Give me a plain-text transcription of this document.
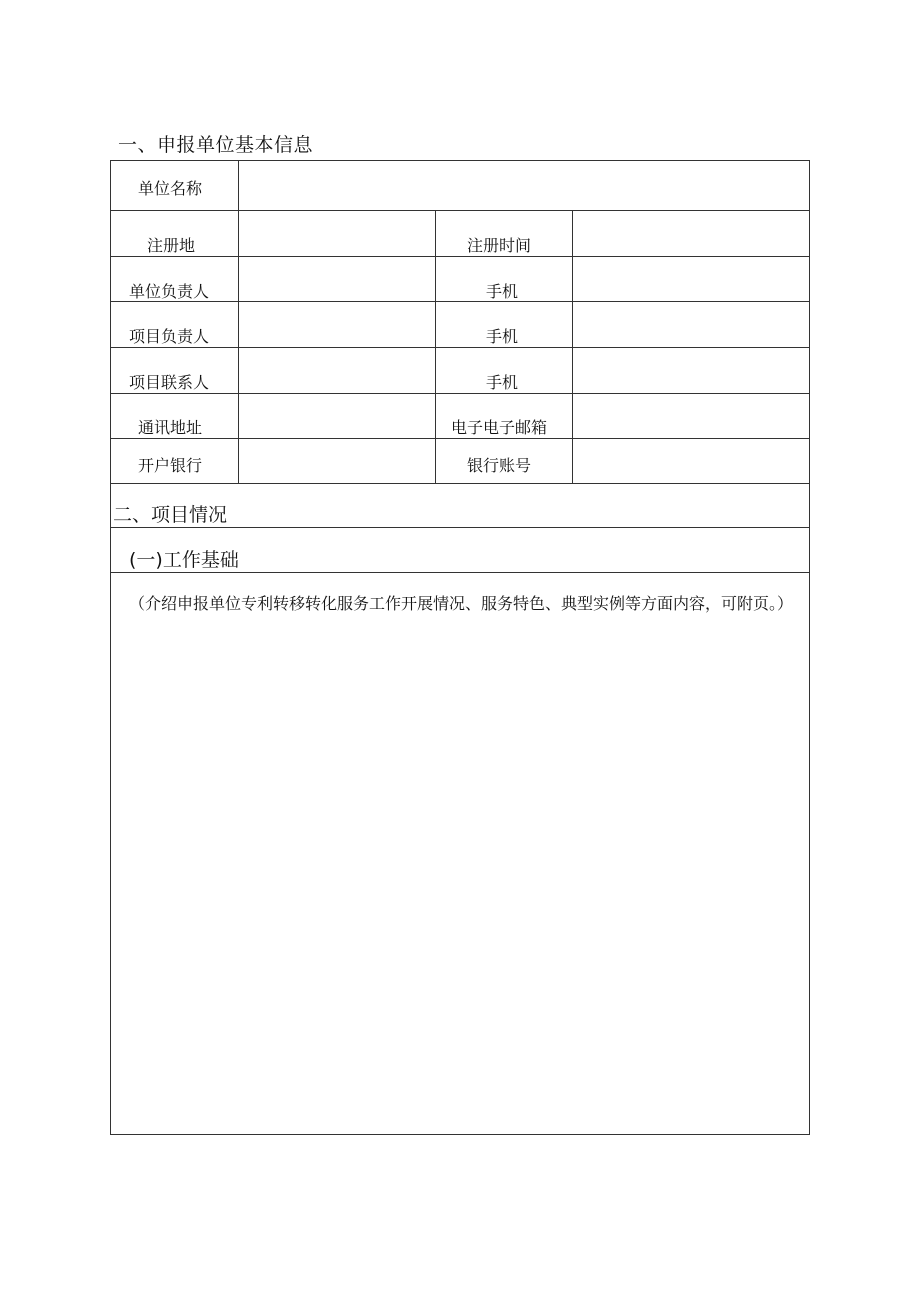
一、申报单位基本信息
单位名称
注册地	注册时间
单位负责人	手机
项目负责人	手机
项目联系人	手机
通讯地址	电子电子邮箱
开户银行	银行账号
二、项目情况
(一)工作基础
（介绍申报单位专利转移转化服务工作开展情况、服务特色、典型实例等方面内容，可附页。）
